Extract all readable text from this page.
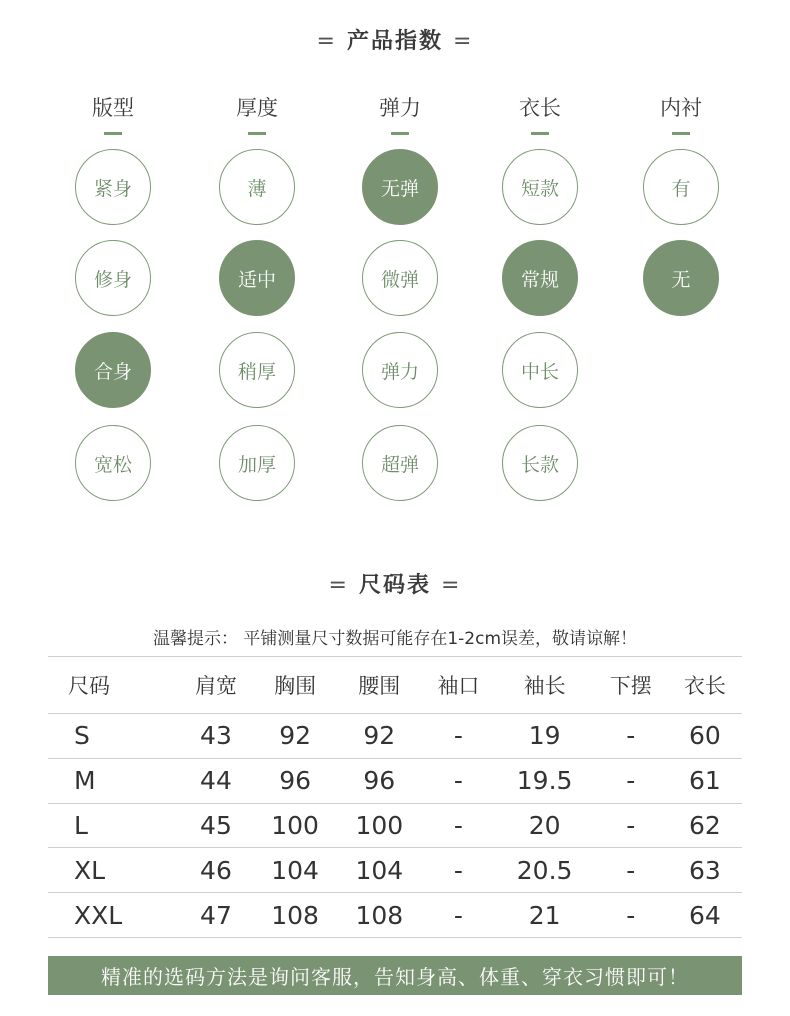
= 产品指数 =
版型
紧身
修身
合身
宽松
厚度
薄
适中
稍厚
加厚
弹力
无弹
微弹
弹力
超弹
衣长
短款
常规
中长
长款
内衬
有
无
= 尺码表 =
温馨提示： 平铺测量尺寸数据可能存在1-2cm误差，敬请谅解！
尺码	肩宽	胸围	腰围	袖口	袖长	下摆	衣长
S	43	92	92	-	19	-	60
M	44	96	96	-	19.5	-	61
L	45	100	100	-	20	-	62
XL	46	104	104	-	20.5	-	63
XXL	47	108	108	-	21	-	64
精准的选码方法是询问客服，告知身高、体重、穿衣习惯即可！
